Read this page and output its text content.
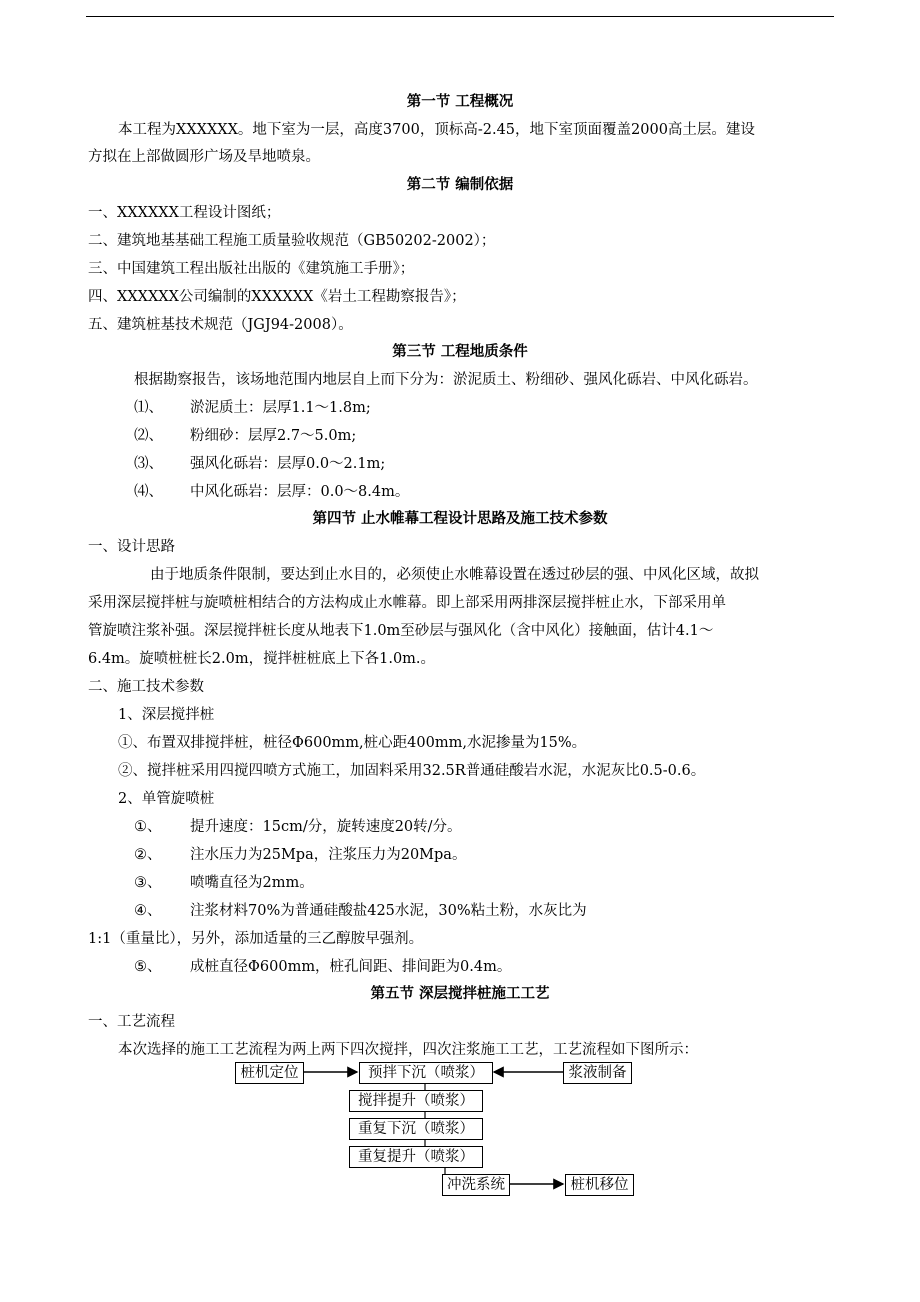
第一节 工程概况
本工程为XXXXXX。地下室为一层，高度3700，顶标高-2.45，地下室顶面覆盖2000高土层。建设
方拟在上部做圆形广场及旱地喷泉。
第二节 编制依据
一、XXXXXX工程设计图纸；
二、建筑地基基础工程施工质量验收规范（GB50202-2002）；
三、中国建筑工程出版社出版的《建筑施工手册》；
四、XXXXXX公司编制的XXXXXX《岩土工程勘察报告》；
五、建筑桩基技术规范（JGJ94-2008）。
第三节 工程地质条件
根据勘察报告，该场地范围内地层自上而下分为：淤泥质土、粉细砂、强风化砾岩、中风化砾岩。
⑴、 淤泥质土：层厚1.1～1.8m;
⑵、 粉细砂：层厚2.7～5.0m;
⑶、 强风化砾岩：层厚0.0～2.1m;
⑷、 中风化砾岩：层厚：0.0～8.4m。
第四节 止水帷幕工程设计思路及施工技术参数
一、设计思路
由于地质条件限制，要达到止水目的，必须使止水帷幕设置在透过砂层的强、中风化区域，故拟
采用深层搅拌桩与旋喷桩相结合的方法构成止水帷幕。即上部采用两排深层搅拌桩止水，下部采用单
管旋喷注浆补强。深层搅拌桩长度从地表下1.0m至砂层与强风化（含中风化）接触面，估计4.1～
6.4m。旋喷桩桩长2.0m，搅拌桩桩底上下各1.0m.。
二、施工技术参数
1、深层搅拌桩
①、布置双排搅拌桩，桩径Φ600mm,桩心距400mm,水泥掺量为15%。
②、搅拌桩采用四搅四喷方式施工，加固料采用32.5R普通硅酸岩水泥，水泥灰比0.5-0.6。
2、单管旋喷桩
①、 提升速度：15cm/分，旋转速度20转/分。
②、 注水压力为25Mpa，注浆压力为20Mpa。
③、 喷嘴直径为2mm。
④、 注浆材料70%为普通硅酸盐425水泥，30%粘土粉，水灰比为
1:1（重量比），另外，添加适量的三乙醇胺早强剂。
⑤、 成桩直径Φ600mm，桩孔间距、排间距为0.4m。
第五节 深层搅拌桩施工工艺
一、工艺流程
本次选择的施工工艺流程为两上两下四次搅拌，四次注浆施工工艺，工艺流程如下图所示：
桩机定位	预拌下沉（喷浆）	浆液制备
搅拌提升（喷浆）
重复下沉（喷浆）
重复提升（喷浆）
冲洗系统	桩机移位
